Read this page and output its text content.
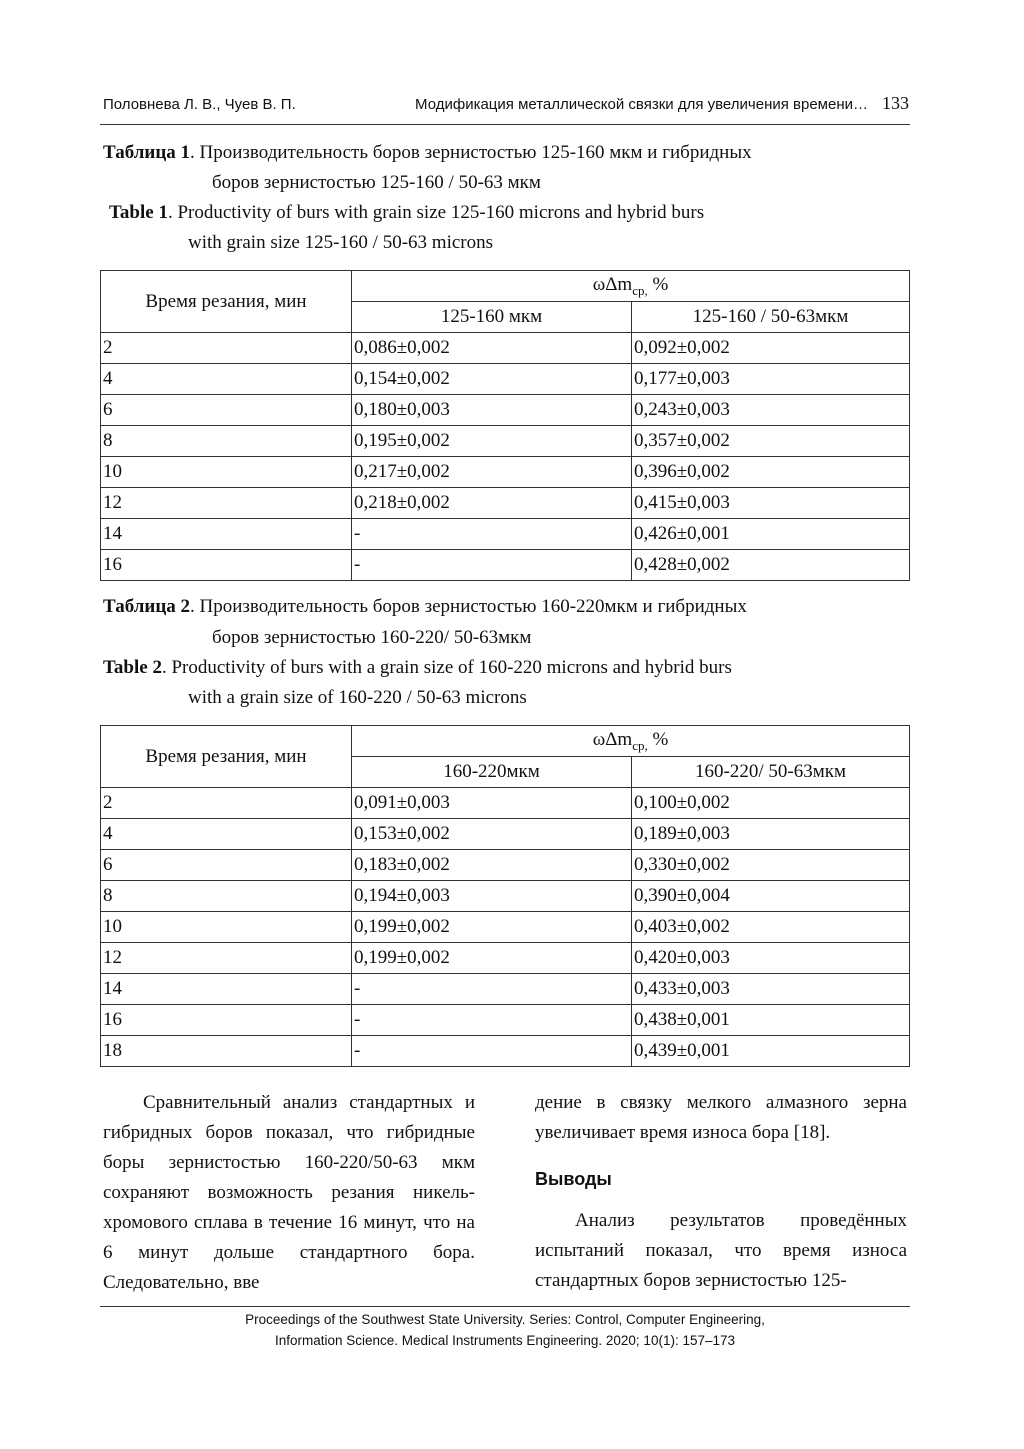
Половнева Л. В., Чуев В. П.	Модификация металлической связки для увеличения времени… 133
Таблица 1. Производительность боров зернистостью 125-160 мкм и гибридных
боров зернистостью 125-160 / 50-63 мкм
Table 1. Productivity of burs with grain size 125-160 microns and hybrid burs
with grain size 125-160 / 50-63 microns
Время резания, мин	ωΔm$_{ср,}$ %	
	125-160 мкм	125-160 / 50-63мкм
2	0,086±0,002	0,092±0,002
4	0,154±0,002	0,177±0,003
6	0,180±0,003	0,243±0,003
8	0,195±0,002	0,357±0,002
10	0,217±0,002	0,396±0,002
12	0,218±0,002	0,415±0,003
14	-	0,426±0,001
16	-	0,428±0,002
Таблица 2. Производительность боров зернистостью 160-220мкм и гибридных
боров зернистостью 160-220/ 50-63мкм
Table 2. Productivity of burs with a grain size of 160-220 microns and hybrid burs
with a grain size of 160-220 / 50-63 microns
Время резания, мин	ωΔm$_{ср,}$ %	
	160-220мкм	160-220/ 50-63мкм
2	0,091±0,003	0,100±0,002
4	0,153±0,002	0,189±0,003
6	0,183±0,002	0,330±0,002
8	0,194±0,003	0,390±0,004
10	0,199±0,002	0,403±0,002
12	0,199±0,002	0,420±0,003
14	-	0,433±0,003
16	-	0,438±0,001
18	-	0,439±0,001

Сравнительный анализ стандартных и гибридных боров показал, что гибридные боры зернистостью 160-220/50-63 мкм сохраняют возможность резания никель-хромового сплава в течение 16 минут, что на 6 минут дольше стандартного бора. Следовательно, вве

дение в связку мелкого алмазного зерна увеличивает время износа бора [18].

Выводы

Анализ результатов проведённых испытаний показал, что время износа стандартных боров зернистостью 125-

Proceedings of the Southwest State University. Series: Control, Computer Engineering,
Information Science. Medical Instruments Engineering. 2020; 10(1): 157–173
